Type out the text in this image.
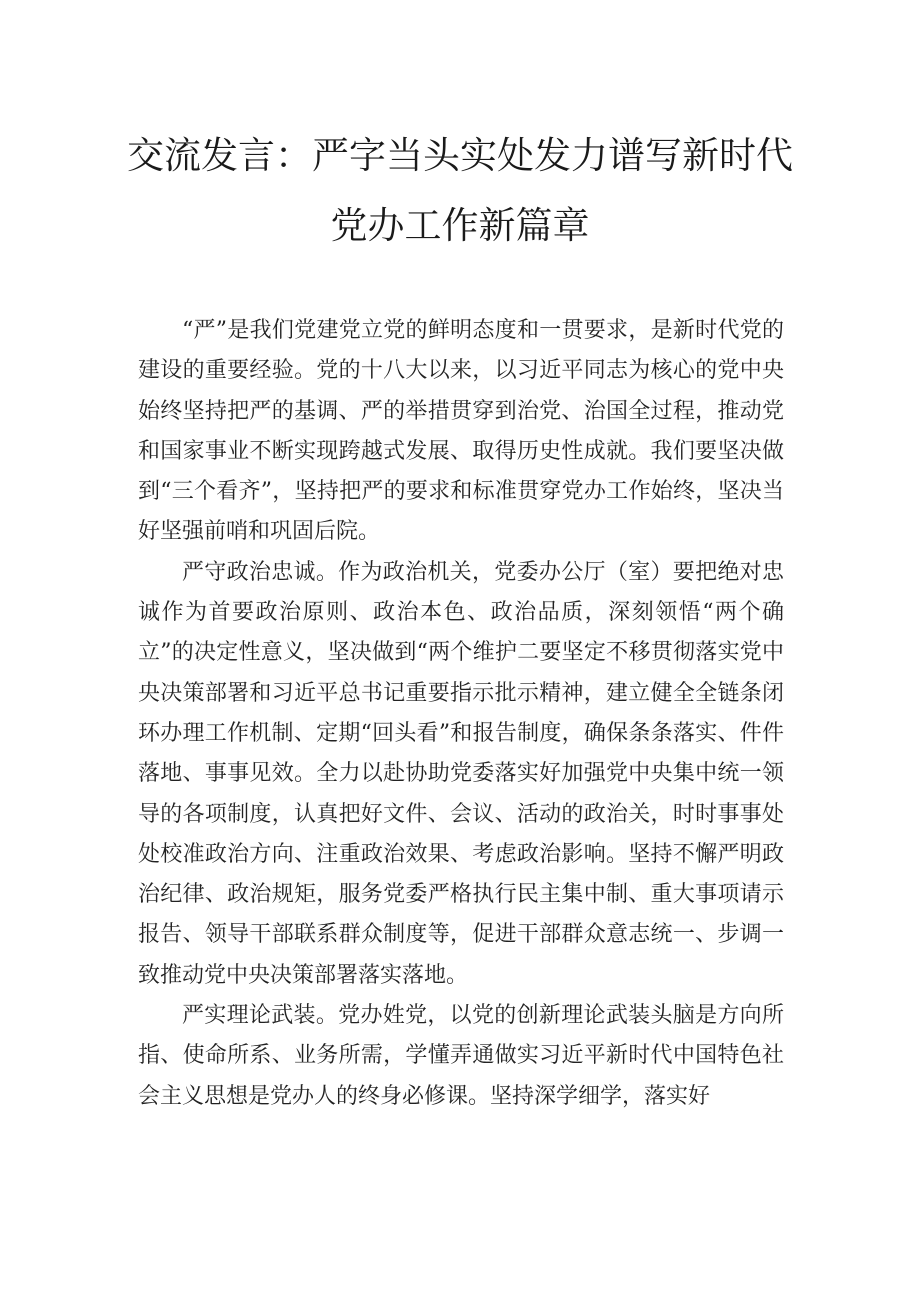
交流发言：严字当头实处发力谱写新时代
党办工作新篇章

“严”是我们党建党立党的鲜明态度和一贯要求，是新时代党的建设的重要经验。党的十八大以来，以习近平同志为核心的党中央始终坚持把严的基调、严的举措贯穿到治党、治国全过程，推动党和国家事业不断实现跨越式发展、取得历史性成就。我们要坚决做到“三个看齐”，坚持把严的要求和标准贯穿党办工作始终，坚决当好坚强前哨和巩固后院。

严守政治忠诚。作为政治机关，党委办公厅（室）要把绝对忠诚作为首要政治原则、政治本色、政治品质，深刻领悟“两个确立”的决定性意义，坚决做到“两个维护二要坚定不移贯彻落实党中央决策部署和习近平总书记重要指示批示精神，建立健全全链条闭环办理工作机制、定期“回头看”和报告制度，确保条条落实、件件落地、事事见效。全力以赴协助党委落实好加强党中央集中统一领导的各项制度，认真把好文件、会议、活动的政治关，时时事事处处校准政治方向、注重政治效果、考虑政治影响。坚持不懈严明政治纪律、政治规矩，服务党委严格执行民主集中制、重大事项请示报告、领导干部联系群众制度等，促进干部群众意志统一、步调一致推动党中央决策部署落实落地。

严实理论武装。党办姓党，以党的创新理论武装头脑是方向所指、使命所系、业务所需，学懂弄通做实习近平新时代中国特色社会主义思想是党办人的终身必修课。坚持深学细学，落实好
